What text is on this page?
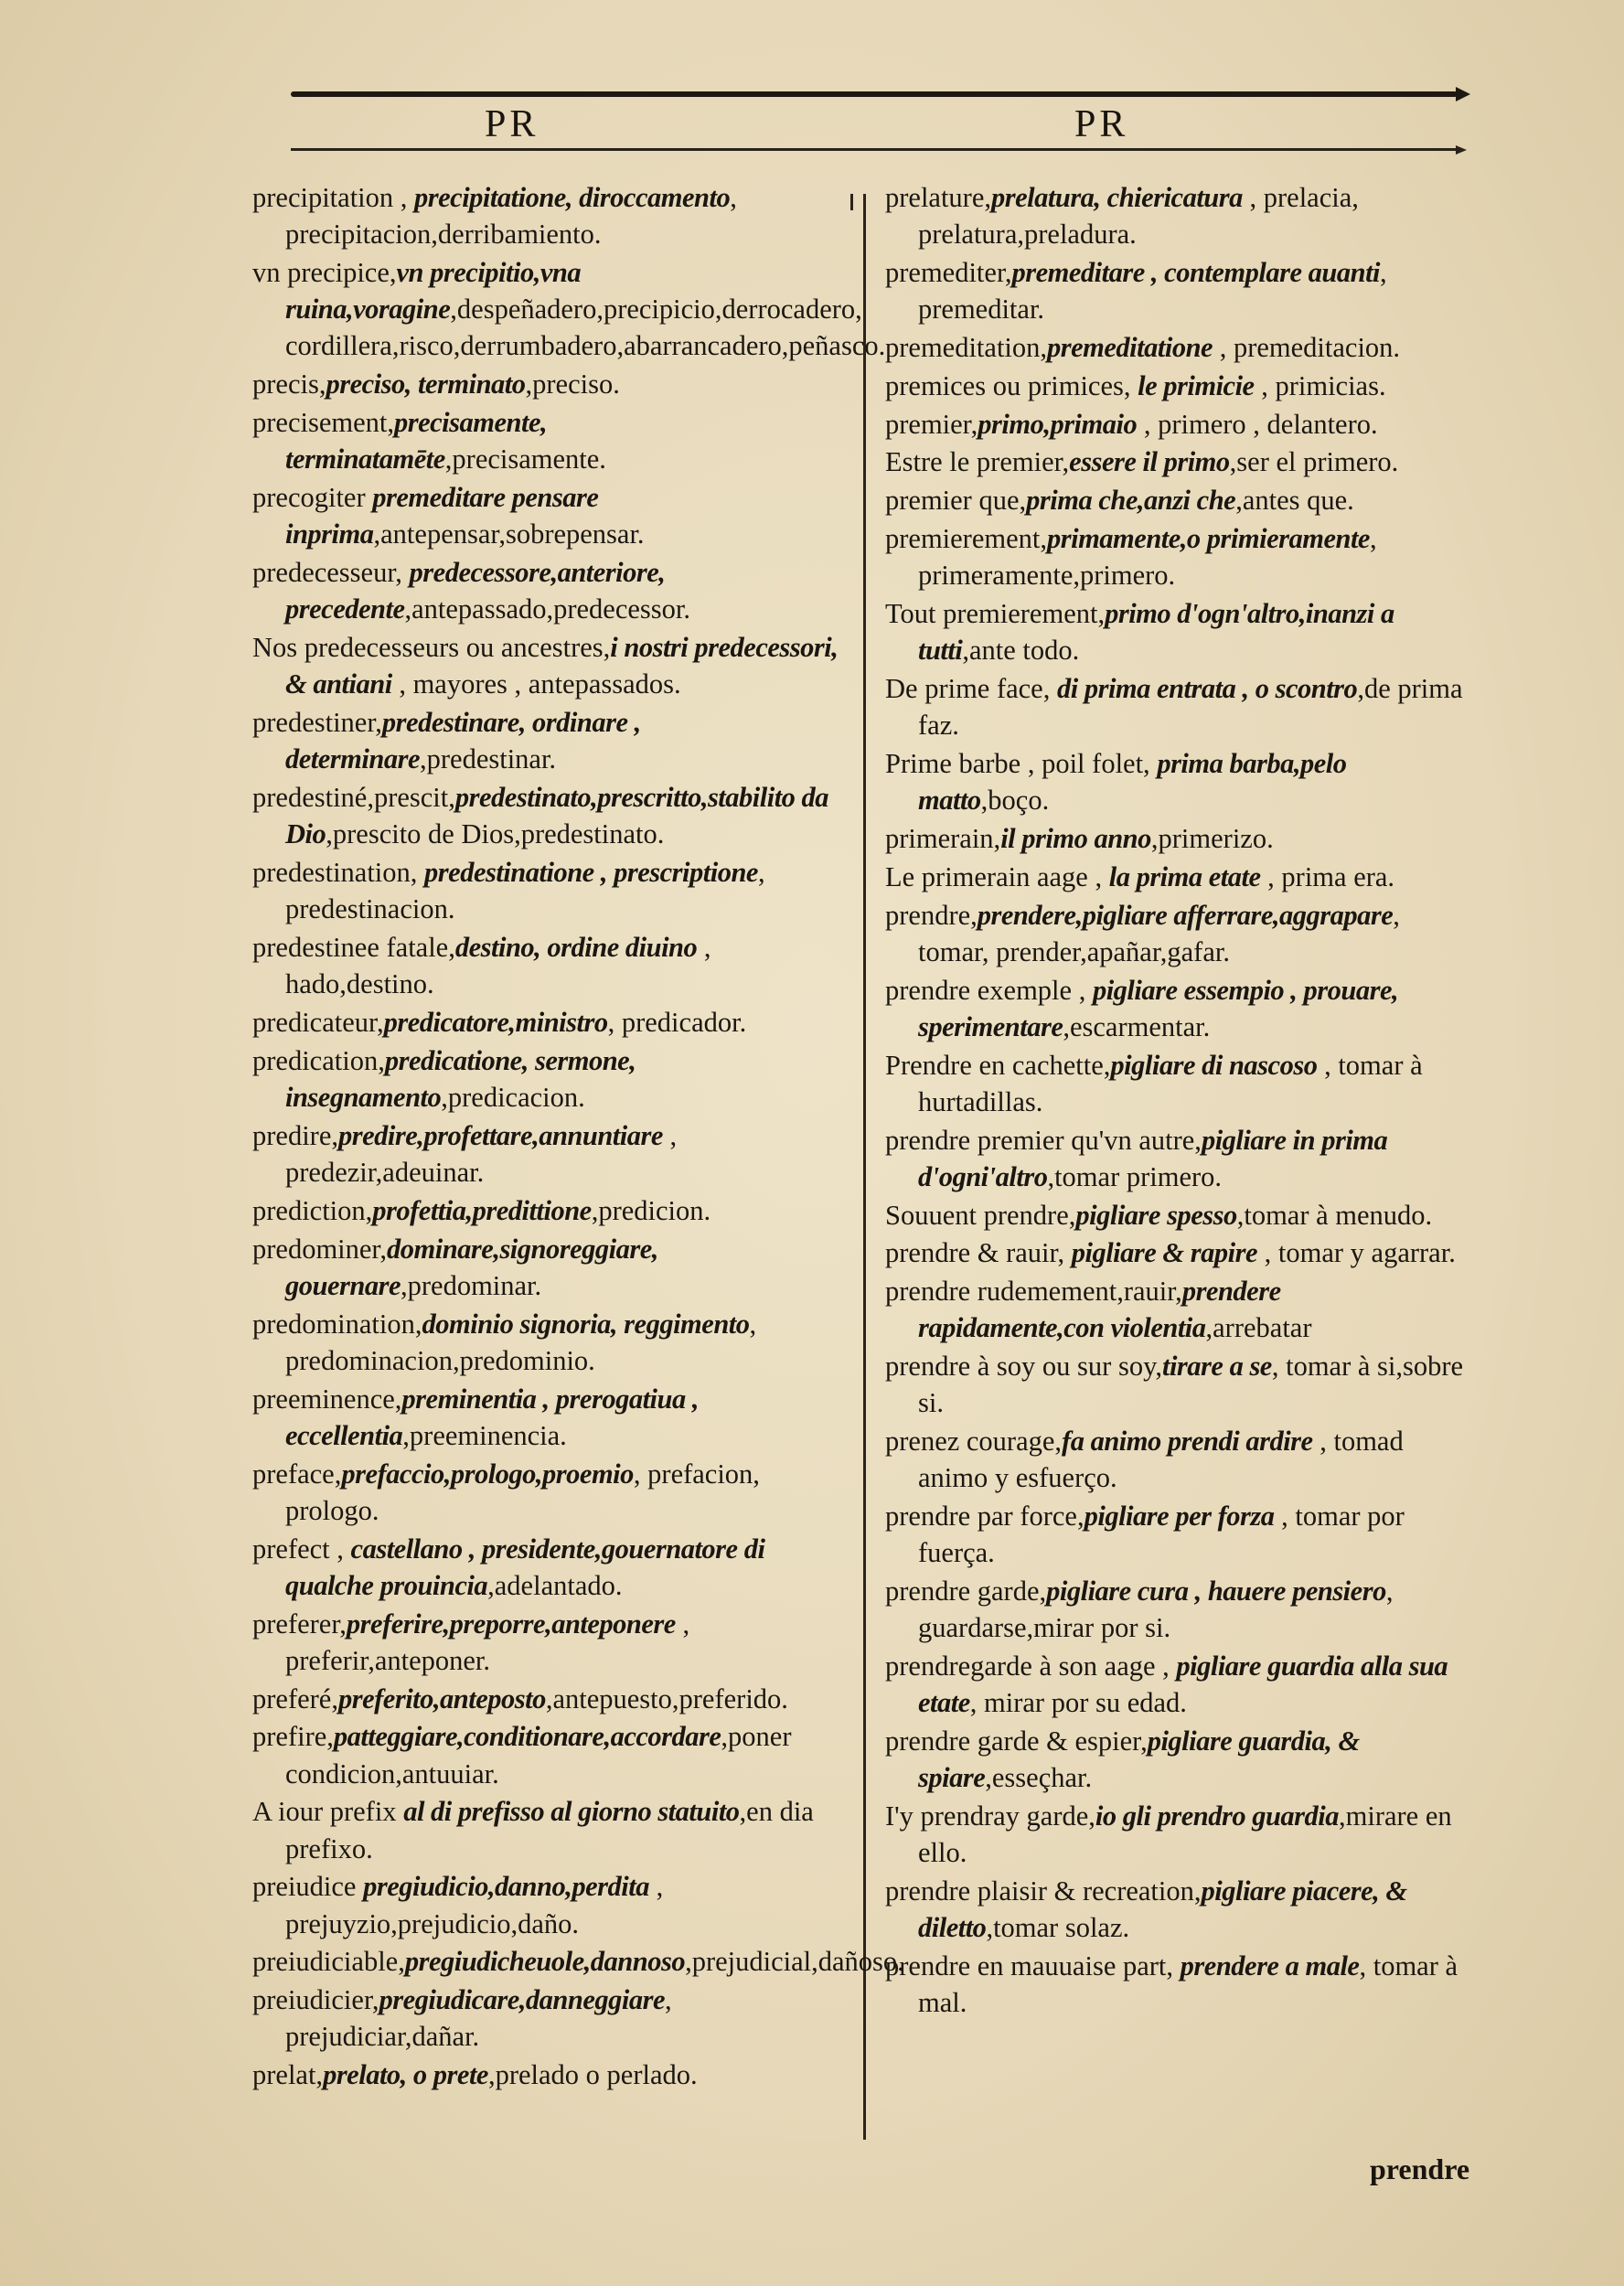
PR	PR
precipitation , precipitatione, diroccamento, precipitacion,derribamiento.
vn precipice,vn precipitio,vna ruina,voragine,despeñadero,precipicio,derrocadero, cordillera,risco,derrumbadero,abarrancadero,peñasco.
precis,preciso, terminato,preciso.
precisement,precisamente, terminatamēte,precisamente.
precogiter premeditare pensare inprima,antepensar,sobrepensar.
predecesseur, predecessore,anteriore, precedente,antepassado,predecessor.
Nos predecesseurs ou ancestres,i nostri predecessori, & antiani , mayores , antepassados.
predestiner,predestinare, ordinare , determinare,predestinar.
predestiné,prescit,predestinato,prescritto,stabilito da Dio,prescito de Dios,predestinato.
predestination, predestinatione , prescriptione, predestinacion.
predestinee fatale,destino, ordine diuino , hado,destino.
predicateur,predicatore,ministro, predicador.
predication,predicatione, sermone, insegnamento,predicacion.
predire,predire,profettare,annuntiare , predezir,adeuinar.
prediction,profettia,predittione,predicion.
predominer,dominare,signoreggiare, gouernare,predominar.
predomination,dominio signoria, reggimento, predominacion,predominio.
preeminence,preminentia , prerogatiua , eccellentia,preeminencia.
preface,prefaccio,prologo,proemio, prefacion, prologo.
prefect , castellano , presidente,gouernatore di qualche prouincia,adelantado.
preferer,preferire,preporre,anteponere , preferir,anteponer.
preferé,preferito,anteposto,antepuesto,preferido.
prefire,patteggiare,conditionare,accordare,poner condicion,antuuiar.
A iour prefix al di prefisso al giorno statuito,en dia prefixo.
preiudice pregiudicio,danno,perdita , prejuyzio,prejudicio,daño.
preiudiciable,pregiudicheuole,dannoso,prejudicial,dañoso.
preiudicier,pregiudicare,danneggiare, prejudiciar,dañar.
prelat,prelato, o prete,prelado o perlado.
prelature,prelatura, chiericatura , prelacia, prelatura,preladura.
premediter,premeditare , contemplare auanti, premeditar.
premeditation,premeditatione , premeditacion.
premices ou primices, le primicie , primicias.
premier,primo,primaio , primero , delantero.
Estre le premier,essere il primo,ser el primero.
premier que,prima che,anzi che,antes que.
premierement,primamente,o primieramente, primeramente,primero.
Tout premierement,primo d'ogn'altro,inanzi a tutti,ante todo.
De prime face, di prima entrata , o scontro,de prima faz.
Prime barbe , poil folet, prima barba,pelo matto,boço.
primerain,il primo anno,primerizo.
Le primerain aage , la prima etate , prima era.
prendre,prendere,pigliare afferrare,aggrapare, tomar, prender,apañar,gafar.
prendre exemple , pigliare essempio , prouare, sperimentare,escarmentar.
Prendre en cachette,pigliare di nascoso , tomar à hurtadillas.
prendre premier qu'vn autre,pigliare in prima d'ogni'altro,tomar primero.
Souuent prendre,pigliare spesso,tomar à menudo.
prendre & rauir, pigliare & rapire , tomar y agarrar.
prendre rudemement,rauir,prendere rapidamente,con violentia,arrebatar
prendre à soy ou sur soy,tirare a se, tomar à si,sobre si.
prenez courage,fa animo prendi ardire , tomad animo y esfuerço.
prendre par force,pigliare per forza , tomar por fuerça.
prendre garde,pigliare cura , hauere pensiero, guardarse,mirar por si.
prendregarde à son aage , pigliare guardia alla sua etate, mirar por su edad.
prendre garde & espier,pigliare guardia, & spiare,esseçhar.
I'y prendray garde,io gli prendro guardia,mirare en ello.
prendre plaisir & recreation,pigliare piacere, & diletto,tomar solaz.
prendre en mauuaise part, prendere a male, tomar à mal.
prendre
